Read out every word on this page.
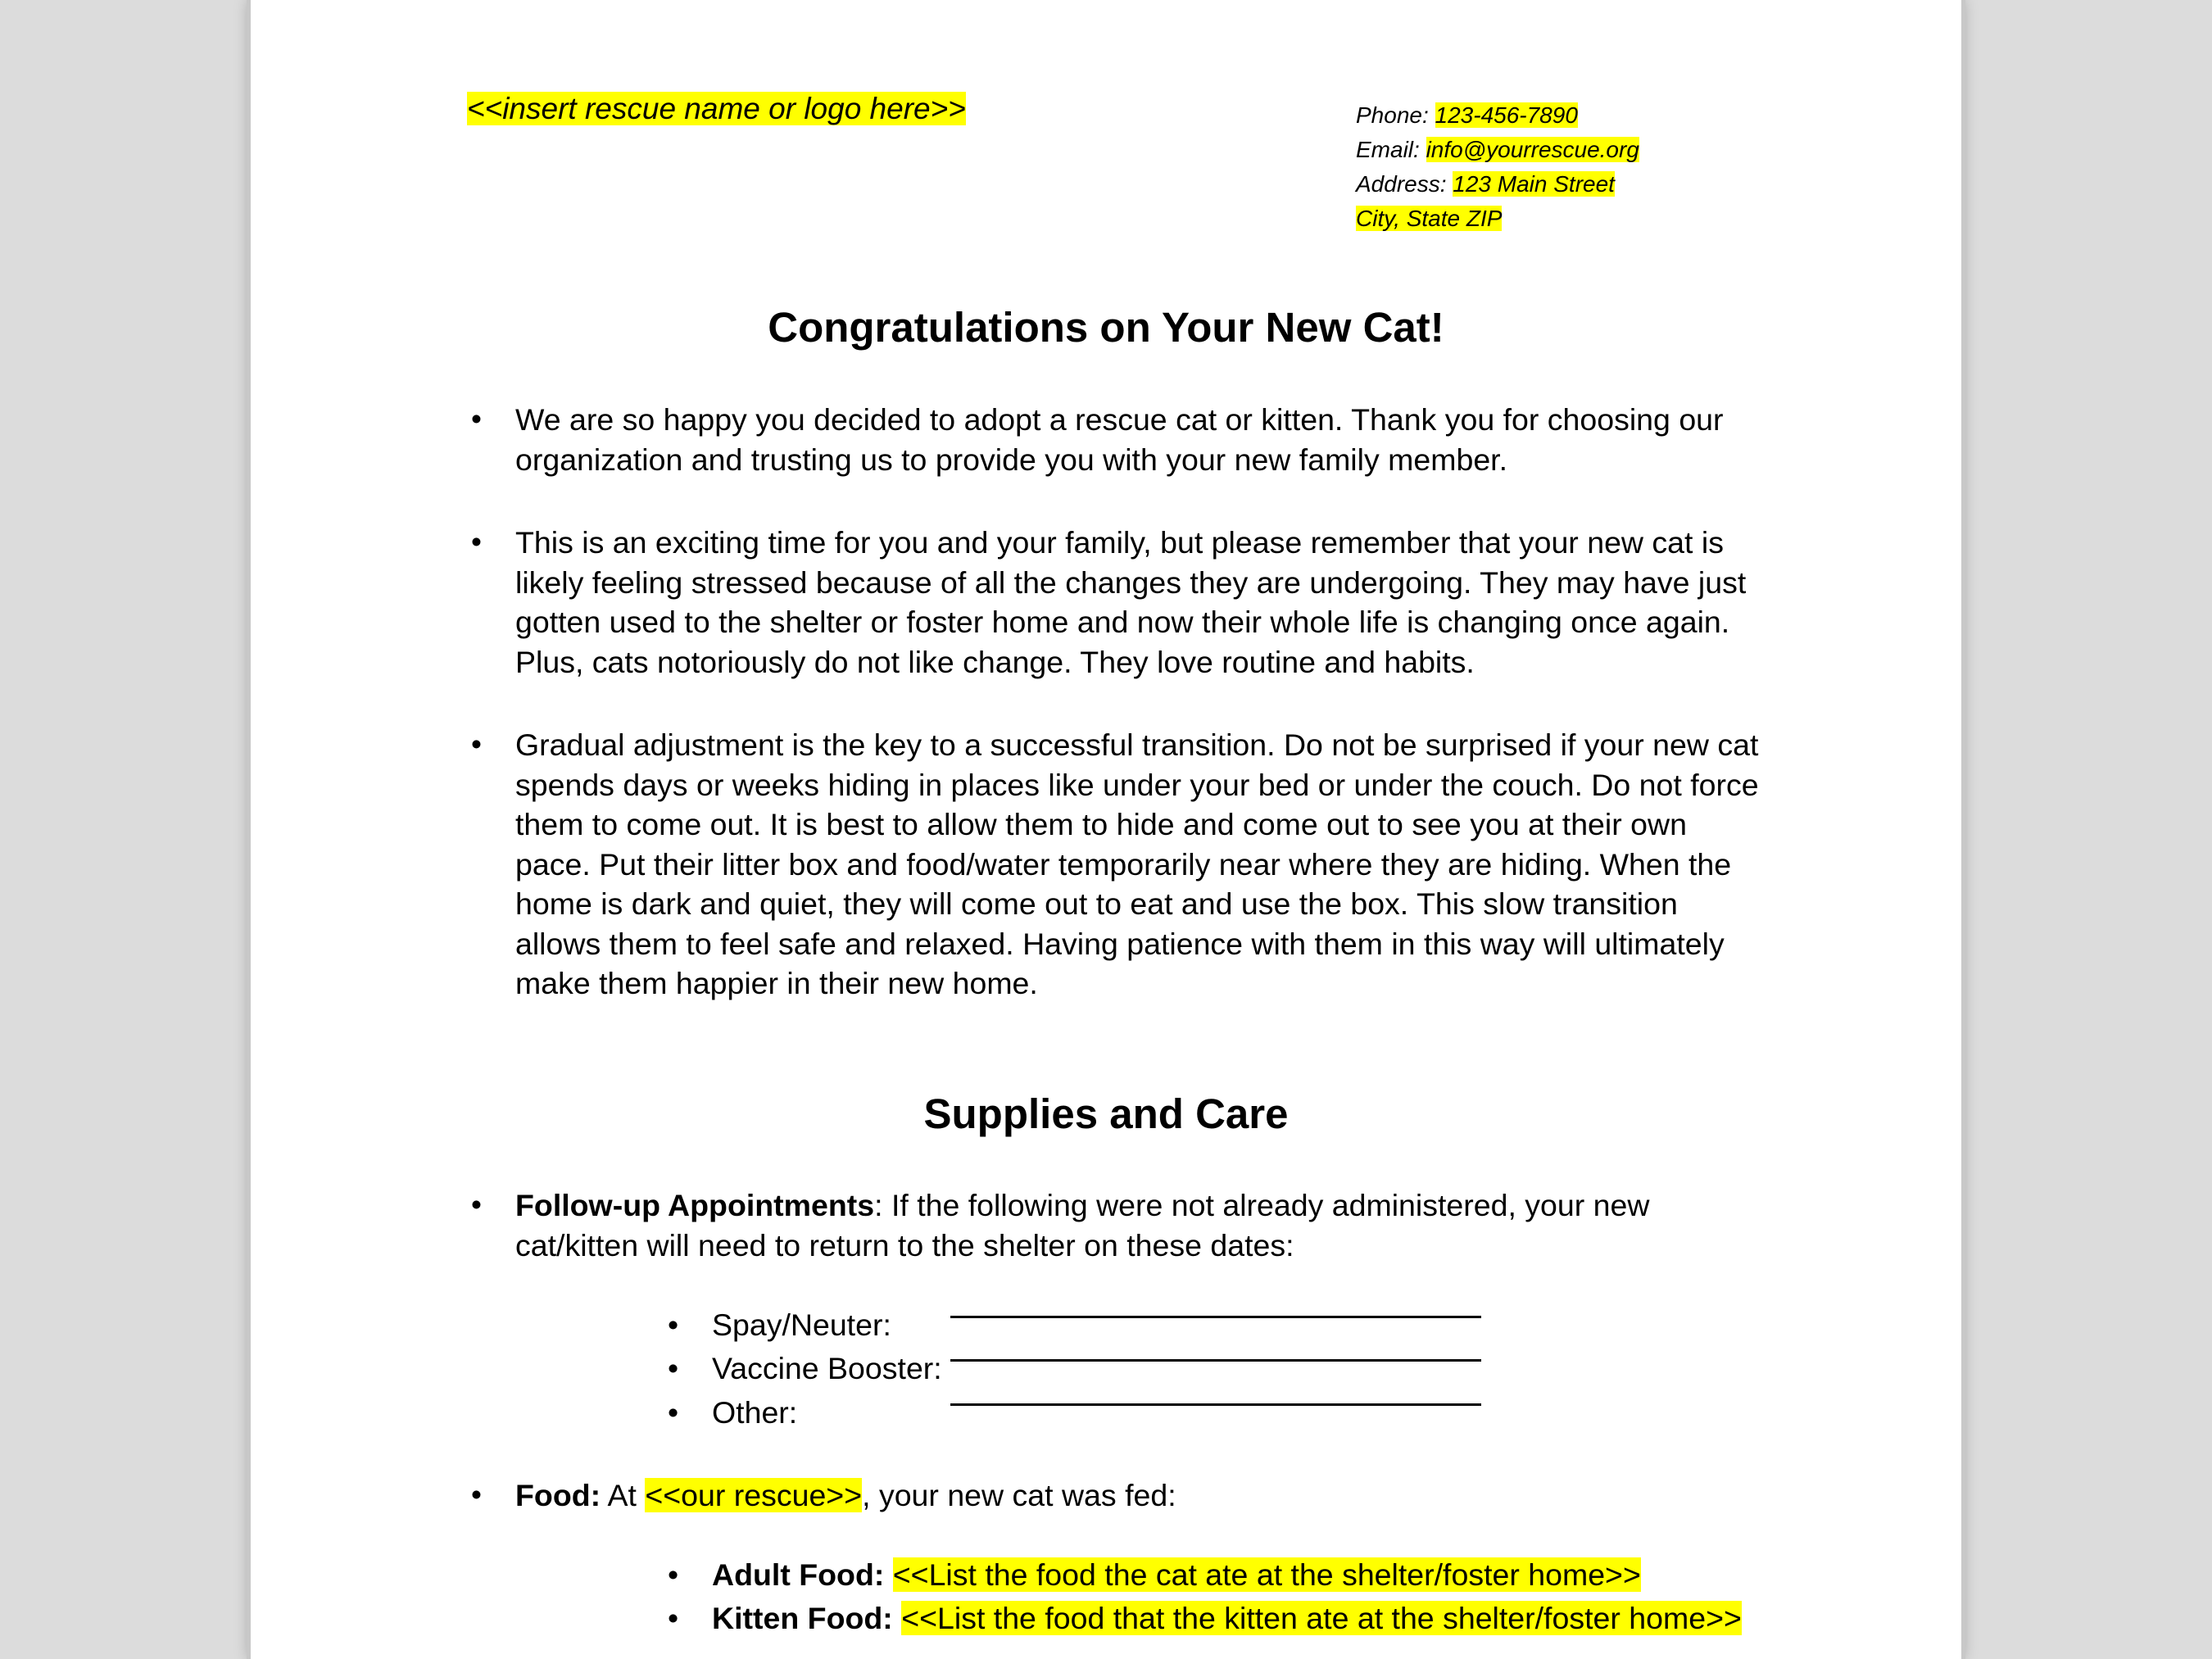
<<insert rescue name or logo here>>	Phone: 123-456-7890
Email: info@yourrescue.org
Address: 123 Main Street
City, State ZIP
Congratulations on Your New Cat!
• We are so happy you decided to adopt a rescue cat or kitten. Thank you for choosing our organization and trusting us to provide you with your new family member.
• This is an exciting time for you and your family, but please remember that your new cat is likely feeling stressed because of all the changes they are undergoing. They may have just gotten used to the shelter or foster home and now their whole life is changing once again. Plus, cats notoriously do not like change. They love routine and habits.
• Gradual adjustment is the key to a successful transition. Do not be surprised if your new cat spends days or weeks hiding in places like under your bed or under the couch. Do not force them to come out. It is best to allow them to hide and come out to see you at their own pace. Put their litter box and food/water temporarily near where they are hiding. When the home is dark and quiet, they will come out to eat and use the box. This slow transition allows them to feel safe and relaxed. Having patience with them in this way will ultimately make them happier in their new home.
Supplies and Care
• Follow-up Appointments: If the following were not already administered, your new cat/kitten will need to return to the shelter on these dates:
• Spay/Neuter:
• Vaccine Booster:
• Other:
• Food: At <<our rescue>>, your new cat was fed:
• Adult Food: <<List the food the cat ate at the shelter/foster home>>
• Kitten Food: <<List the food that the kitten ate at the shelter/foster home>>
